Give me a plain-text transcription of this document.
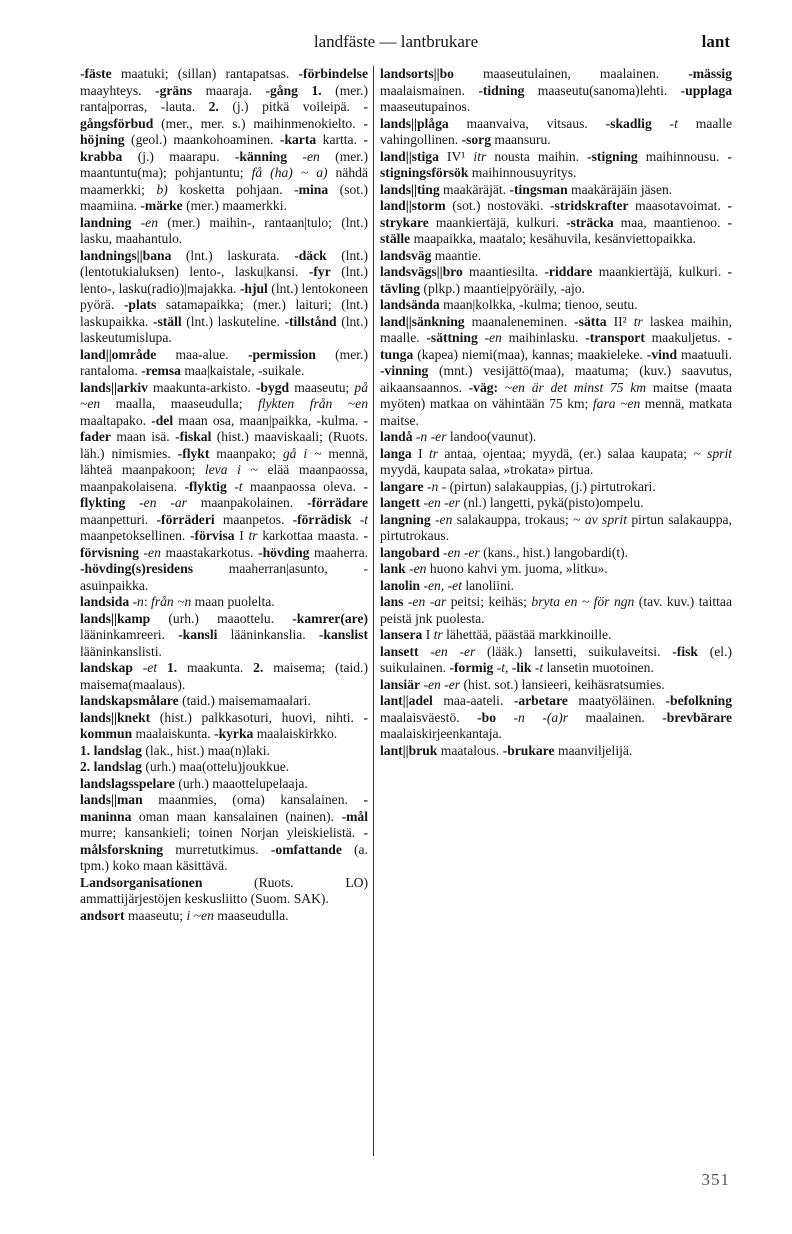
landfäste — lantbrukare	lant

-fäste maatuki; (sillan) rantapatsas. -förbindelse maayhteys. -gräns maaraja. -gång 1. (mer.) ranta|porras, -lauta. 2. (j.) pitkä voileipä. -gångsförbud (mer., mer. s.) maihinmenokielto. -höjning (geol.) maankohoaminen. -karta kartta. -krabba (j.) maarapu. -känning -en (mer.) maantuntu(ma); pohjantuntu; få (ha) ~ a) nähdä maamerkki; b) kosketta pohjaan. -mina (sot.) maamiina. -märke (mer.) maamerkki.

landning -en (mer.) maihin-, rantaan|tulo; (lnt.) lasku, maahantulo.

landnings||bana (lnt.) laskurata. -däck (lnt.) (lentotukialuksen) lento-, lasku|kansi. -fyr (lnt.) lento-, lasku(radio)|majakka. -hjul (lnt.) lentokoneen pyörä. -plats satamapaikka; (mer.) laituri; (lnt.) laskupaikka. -ställ (lnt.) laskuteline. -tillstånd (lnt.) laskeutumislupa.

land||område maa-alue. -permission (mer.) rantaloma. -remsa maa|kaistale, -suikale.

lands||arkiv maakunta-arkisto. -bygd maaseutu; på ~en maalla, maaseudulla; flykten från ~en maaltapako. -del maan osa, maan|paikka, -kulma. -fader maan isä. -fiskal (hist.) maaviskaali; (Ruots. läh.) nimismies. -flykt maanpako; gå i ~ mennä, lähteä maanpakoon; leva i ~ elää maanpaossa, maanpakolaisena. -flyktig -t maanpaossa oleva. -flykting -en -ar maanpakolainen. -förrädare maanpetturi. -förräderi maanpetos. -förrädisk -t maanpetoksellinen. -förvisa I tr karkottaa maasta. -förvisning -en maastakarkotus. -hövding maaherra. -hövding(s)residens maaherran|asunto, -asuinpaikka.

landsida -n: från ~n maan puolelta.

lands||kamp (urh.) maaottelu. -kamrer(are) lääninkamreeri. -kansli lääninkanslia. -kanslist lääninkanslisti.

landskap -et 1. maakunta. 2. maisema; (taid.) maisema(maalaus).

landskapsmålare (taid.) maisemamaalari.

lands||knekt (hist.) palkkasoturi, huovi, nihti. -kommun maalaiskunta. -kyrka maalaiskirkko.

1. landslag (lak., hist.) maa(n)laki.

2. landslag (urh.) maa(ottelu)joukkue.

landslagsspelare (urh.) maaottelupelaaja.

lands||man maanmies, (oma) kansalainen. -maninna oman maan kansalainen (nainen). -mål murre; kansankieli; toinen Norjan yleiskielistä. -målsforskning murretutkimus. -omfattande (a. tpm.) koko maan käsittävä.

Landsorganisationen (Ruots. LO) ammattijärjestöjen keskusliitto (Suom. SAK).

andsort maaseutu; i ~en maaseudulla.

landsorts||bo maaseutulainen, maalainen. -mässig maalaismainen. -tidning maaseutu(sanoma)lehti. -upplaga maaseutupainos.

lands||plåga maanvaiva, vitsaus. -skadlig -t maalle vahingollinen. -sorg maansuru.

land||stiga IV¹ itr nousta maihin. -stigning maihinnousu. -stigningsförsök maihinnousuyritys.

lands||ting maakäräjät. -tingsman maakäräjäin jäsen.

land||storm (sot.) nostoväki. -stridskrafter maasotavoimat. -strykare maankiertäjä, kulkuri. -sträcka maa, maantienoo. -ställe maapaikka, maatalo; kesähuvila, kesänviettopaikka.

landsväg maantie.

landsvägs||bro maantiesilta. -riddare maankiertäjä, kulkuri. -tävling (plkp.) maantie|pyöräily, -ajo.

landsända maan|kolkka, -kulma; tienoo, seutu.

land||sänkning maanaleneminen. -sätta II² tr laskea maihin, maalle. -sättning -en maihinlasku. -transport maakuljetus. -tunga (kapea) niemi(maa), kannas; maakieleke. -vind maatuuli. -vinning (mnt.) vesijättö(maa), maatuma; (kuv.) saavutus, aikaansaannos. -väg: ~en är det minst 75 km maitse (maata myöten) matkaa on vähintään 75 km; fara ~en mennä, matkata maitse.

landå -n -er landoo(vaunut).

langa I tr antaa, ojentaa; myydä, (er.) salaa kaupata; ~ sprit myydä, kaupata salaa, »trokata» pirtua.

langare -n - (pirtun) salakauppias, (j.) pirtutrokari.

langett -en -er (nl.) langetti, pykä(pisto)ompelu.

langning -en salakauppa, trokaus; ~ av sprit pirtun salakauppa, pirtutrokaus.

langobard -en -er (kans., hist.) langobardi(t).

lank -en huono kahvi ym. juoma, »litku».

lanolin -en, -et lanoliini.

lans -en -ar peitsi; keihäs; bryta en ~ för ngn (tav. kuv.) taittaa peistä jnk puolesta.

lansera I tr lähettää, päästää markkinoille.

lansett -en -er (lääk.) lansetti, suikulaveitsi. -fisk (el.) suikulainen. -formig -t, -lik -t lansetin muotoinen.

lansiär -en -er (hist. sot.) lansieeri, keihäsratsumies.

lant||adel maa-aateli. -arbetare maatyöläinen. -befolkning maalaisväestö. -bo -n -(a)r maalainen. -brevbärare maalaiskirjeenkantaja.

lant||bruk maatalous. -brukare maanviljelijä.

351
